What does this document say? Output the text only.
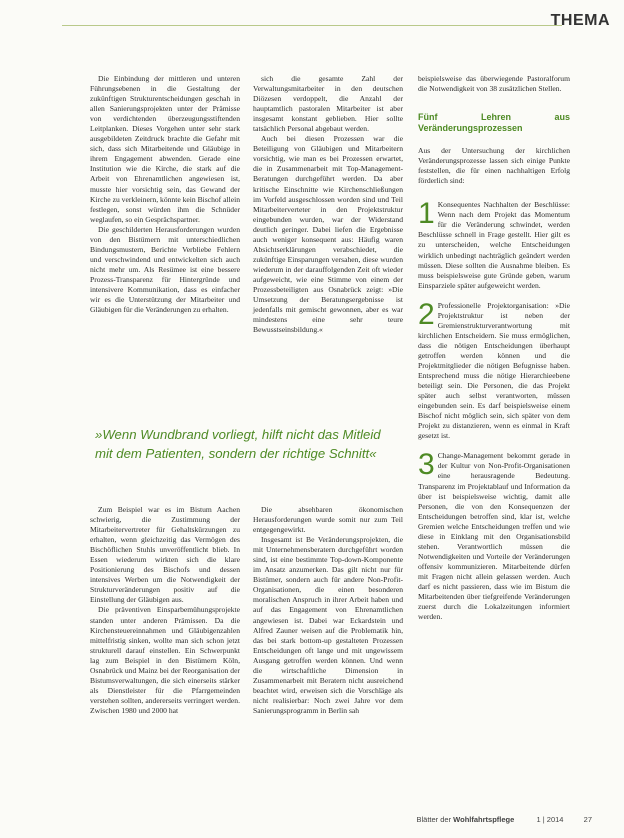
THEMA

Die Einbindung der mittleren und unteren Führungsebenen in die Gestaltung der zukünftigen Strukturentscheidungen geschah in allen Sanierungsprojekten unter der Prämisse von verdichtenden überzeugungsstiftenden Leitplanken. Dieses Vorgehen unter sehr stark ausgebildeten Zeitdruck brachte die Gefahr mit sich, dass sich Mitarbeitende und Gläubige in ihrem Engagement abwenden. Gerade eine Institution wie die Kirche, die stark auf die Arbeit von Ehrenamtlichen angewiesen ist, musste hier vorsichtig sein, das Gewand der Kirche zu verkleinern, könnte kein Bischof allein festlegen, sonst würden ihm die Schnüder weglaufen, so ein Gesprächspartner.

Die geschilderten Herausforderungen wurden von den Bistümern mit unterschiedlichen Bindungsmustern, Berichte Verbliebe Fehlern und verschwindend und entwickelten sich auch nicht mehr um. Als Resümee ist eine bessere Prozess-Transparenz für Hintergründe und intensivere Kommunikation, dass es einfacher wir es die Unterstützung der Mitarbeiter und Gläubigen für die Veränderungen zu erhalten.

sich die gesamte Zahl der Verwaltungsmitarbeiter in den deutschen Diözesen verdoppelt, die Anzahl der hauptamtlich pastoralen Mitarbeiter ist aber insgesamt konstant geblieben. Hier sollte tatsächlich Personal abgebaut werden.

Auch bei diesen Prozessen war die Beteiligung von Gläubigen und Mitarbeitern vorsichtig, wie man es bei Prozessen erwartet, die in Zusammenarbeit mit Top-Management-Beratungen durchgeführt werden. Da aber kritische Einschnitte wie Kirchenschließungen im Vorfeld ausgeschlossen worden sind und Teil Mitarbeiterverteter in den Projektstruktur eingebunden wurden, war der Widerstand deutlich geringer. Dabei liefen die Ergebnisse auch weniger konsequent aus: Häufig waren Absichtserklärungen verabschiedet, die zukünftige Einsparungen versahen, diese wurden wiederum in der darauffolgenden Zeit oft wieder aufgeweicht, wie eine Stimme von einem der Prozessbeteiligten aus Osnabrück zeigt: »Die Umsetzung der Beratungsergebnisse ist jedenfalls mit gemischt gewonnen, aber es war mindestens eine sehr teure Bewusstseinsbildung.«

beispielsweise das überwiegende Pastoralforum die Notwendigkeit von 38 zusätzlichen Stellen.

Fünf Lehren aus Veränderungsprozessen

Aus der Untersuchung der kirchlichen Veränderungsprozesse lassen sich einige Punkte feststellen, die für einen nachhaltigen Erfolg förderlich sind:

1 Konsequentes Nachhalten der Beschlüsse: Wenn nach dem Projekt das Momentum für die Veränderung schwindet, werden Beschlüsse schnell in Frage gestellt. Hier gilt es zu unterscheiden, welche Entscheidungen wirklich unbedingt nachträglich geändert werden müssen. Diese sollten die Ausnahme bleiben. Es muss beispielsweise gute Gründe geben, warum Einsparziele später aufgeweicht werden.

2 Professionelle Projektorganisation: »Die Projektstruktur ist neben der Gremienstrukturverantwortung mit kirchlichen Entscheidern. Sie muss ermöglichen, dass die nötigen Entscheidungen überhaupt getroffen werden können und die Projektmitglieder die nötigen Befugnisse haben. Entsprechend muss die nötige Hierarchieebene beteiligt sein. Die Personen, die das Projekt später auch selbst verantworten, müssen eingebunden sein. Es darf beispielsweise einem Bischof nicht möglich sein, sich später von dem Projekt zu distanzieren, wenn es einmal in Kraft gesetzt ist.

3 Change-Management bekommt gerade in der Kultur von Non-Profit-Organisationen eine herausragende Bedeutung. Transparenz im Projektablauf und Information da über ist beispielsweise wichtig, damit alle Personen, die von den Konsequenzen der Entscheidungen betroffen sind, klar ist, welche Gremien welche Entscheidungen treffen und wie diese in Einklang mit den Organisationsbild stehen. Verantwortlich müssen die Notwendigkeiten und Vorteile der Veränderungen offensiv kommunizieren. Mitarbeitende dürfen mit Fragen nicht allein gelassen werden. Auch darf es nicht passieren, dass wie im Bistum die Mitarbeitenden über tiefgreifende Veränderungen zuerst durch die Lokalzeitungen informiert werden.

»Wenn Wundbrand vorliegt, hilft nicht das Mitleid mit dem Patienten, sondern der richtige Schnitt«

Zum Beispiel war es im Bistum Aachen schwierig, die Zustimmung der Mitarbeitervertreter für Gehaltskürzungen zu erhalten, wenn gleichzeitig das Vermögen des Bischöflichen Stuhls unveröffentlicht blieb. In Essen wiederum wirkten sich die klare Positionierung des Bischofs und dessen intensives Werben um die Notwendigkeit der Strukturveränderungen positiv auf die Einstellung der Gläubigen aus.

Die präventiven Einsparbemühungsprojekte standen unter anderen Prämissen. Da die Kirchensteuereinnahmen und Gläubigenzahlen mittelfristig sinken, wollte man sich schon jetzt strukturell darauf einstellen. Ein Schwerpunkt lag zum Beispiel in den Bistümern Köln, Osnabrück und Mainz bei der Reorganisation der Bistumsverwaltungen, die sich einerseits stärker als Dienstleister für die Pfarrgemeinden verstehen sollten, andererseits verringert werden. Zwischen 1980 und 2000 hat

Die absehbaren ökonomischen Herausforderungen wurde somit nur zum Teil entgegengewirkt.

Insgesamt ist Be Veränderungsprojekten, die mit Unternehmensberatern durchgeführt worden sind, ist eine bestimmte Top-down-Komponente im Ansatz anzumerken. Das gilt nicht nur für Bistümer, sondern auch für andere Non-Profit-Organisationen, die einen besonderen moralischen Anspruch in ihrer Arbeit haben und auf das Engagement von Ehrenamtlichen angewiesen ist. Dabei war Eckardstein und Alfred Zauner weisen auf die Problematik hin, das bei stark bottom-up gestalteten Prozessen Entscheidungen oft lange und mit ungewissem Ausgang getroffen werden können. Und wenn die wirtschaftliche Dimension in Zusammenarbeit mit Beratern nicht ausreichend beachtet wird, erweisen sich die Vorschläge als nicht realisierbar: Noch zwei Jahre vor dem Sanierungsprogramm in Berlin sah

Blätter der Wohlfahrtspflege	1 | 2014	27
